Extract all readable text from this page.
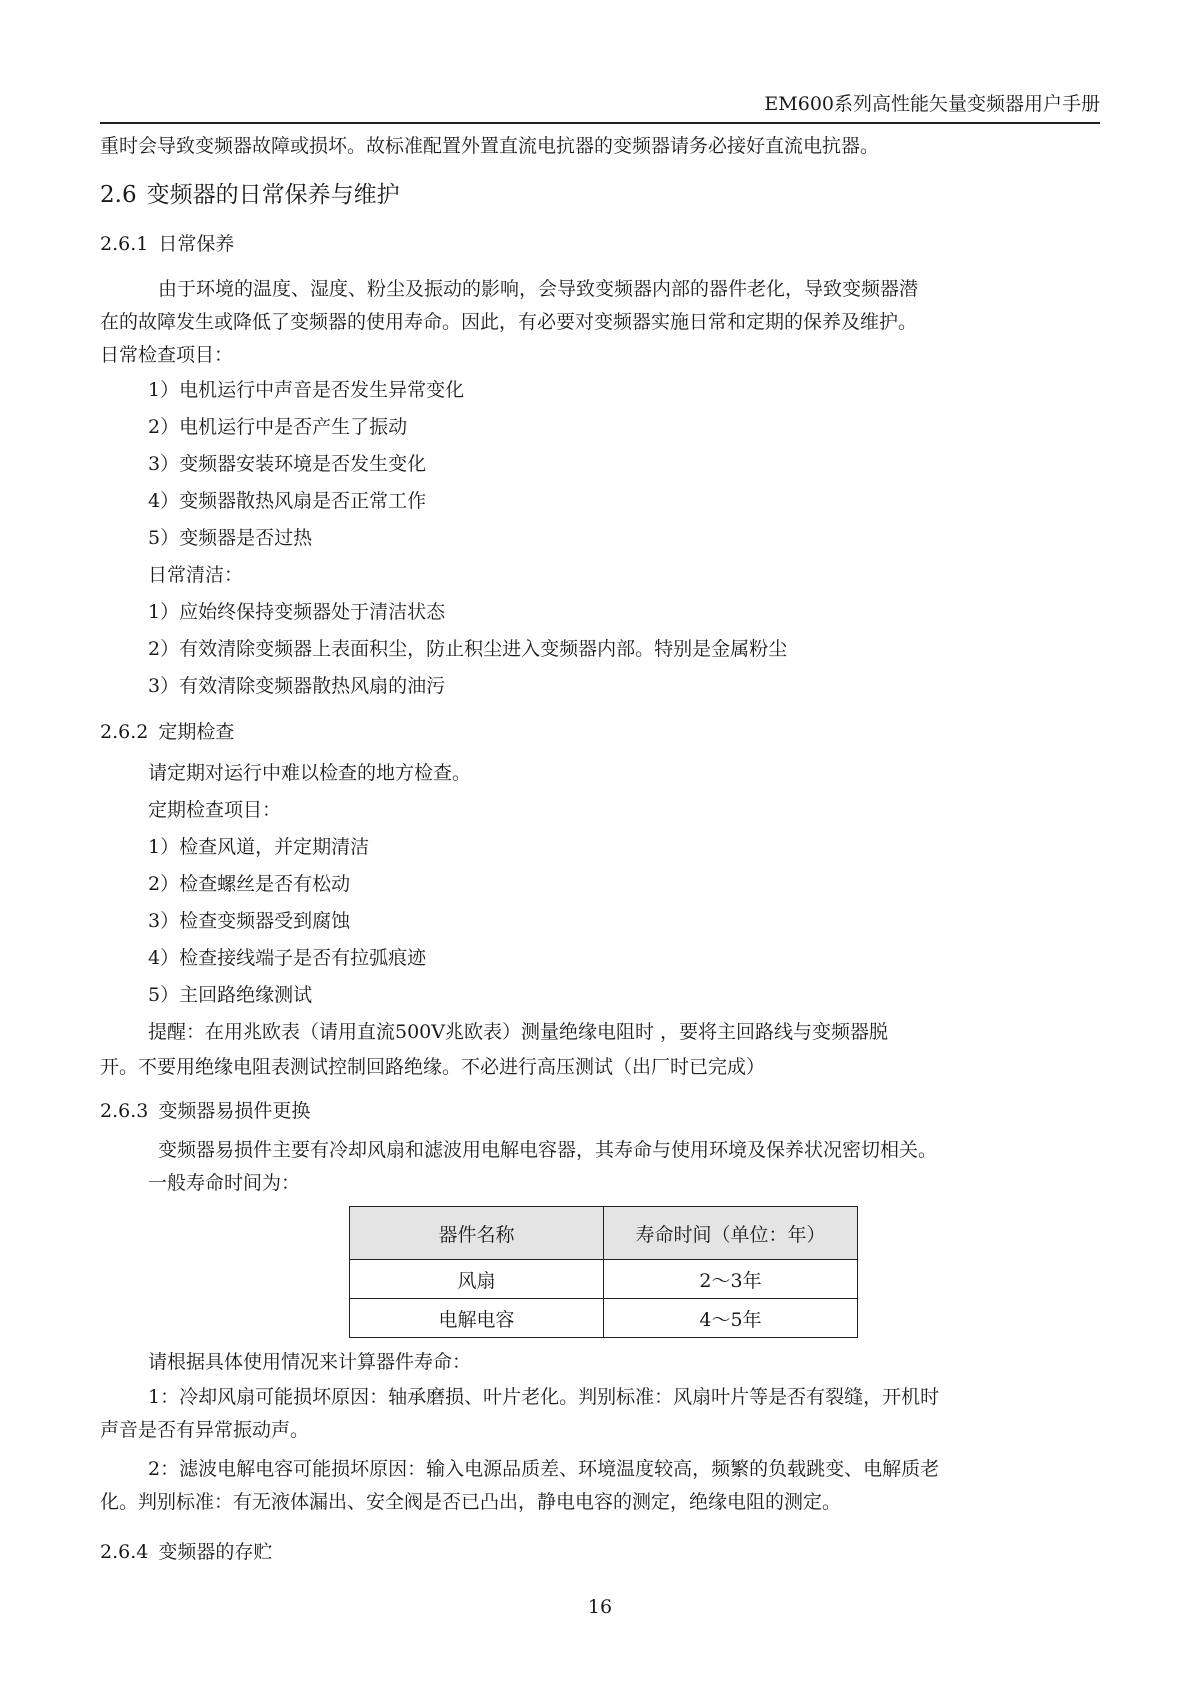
EM600系列高性能矢量变频器用户手册
重时会导致变频器故障或损坏。故标准配置外置直流电抗器的变频器请务必接好直流电抗器。
2.6 变频器的日常保养与维护
2.6.1 日常保养
由于环境的温度、湿度、粉尘及振动的影响，会导致变频器内部的器件老化，导致变频器潜
在的故障发生或降低了变频器的使用寿命。因此，有必要对变频器实施日常和定期的保养及维护。
日常检查项目：
1）电机运行中声音是否发生异常变化
2）电机运行中是否产生了振动
3）变频器安装环境是否发生变化
4）变频器散热风扇是否正常工作
5）变频器是否过热
日常清洁：
1）应始终保持变频器处于清洁状态
2）有效清除变频器上表面积尘，防止积尘进入变频器内部。特别是金属粉尘
3）有效清除变频器散热风扇的油污
2.6.2 定期检查
请定期对运行中难以检查的地方检查。
定期检查项目：
1）检查风道，并定期清洁
2）检查螺丝是否有松动
3）检查变频器受到腐蚀
4）检查接线端子是否有拉弧痕迹
5）主回路绝缘测试
提醒：在用兆欧表（请用直流500V兆欧表）测量绝缘电阻时 ，要将主回路线与变频器脱
开。不要用绝缘电阻表测试控制回路绝缘。不必进行高压测试（出厂时已完成）
2.6.3 变频器易损件更换
变频器易损件主要有冷却风扇和滤波用电解电容器，其寿命与使用环境及保养状况密切相关。
一般寿命时间为：
器件名称	寿命时间（单位：年）
风扇	2～3年
电解电容	4～5年
请根据具体使用情况来计算器件寿命：
1：冷却风扇可能损坏原因：轴承磨损、叶片老化。判别标准：风扇叶片等是否有裂缝，开机时
声音是否有异常振动声。
2：滤波电解电容可能损坏原因：输入电源品质差、环境温度较高，频繁的负载跳变、电解质老
化。判别标准：有无液体漏出、安全阀是否已凸出，静电电容的测定，绝缘电阻的测定。
2.6.4 变频器的存贮
16
